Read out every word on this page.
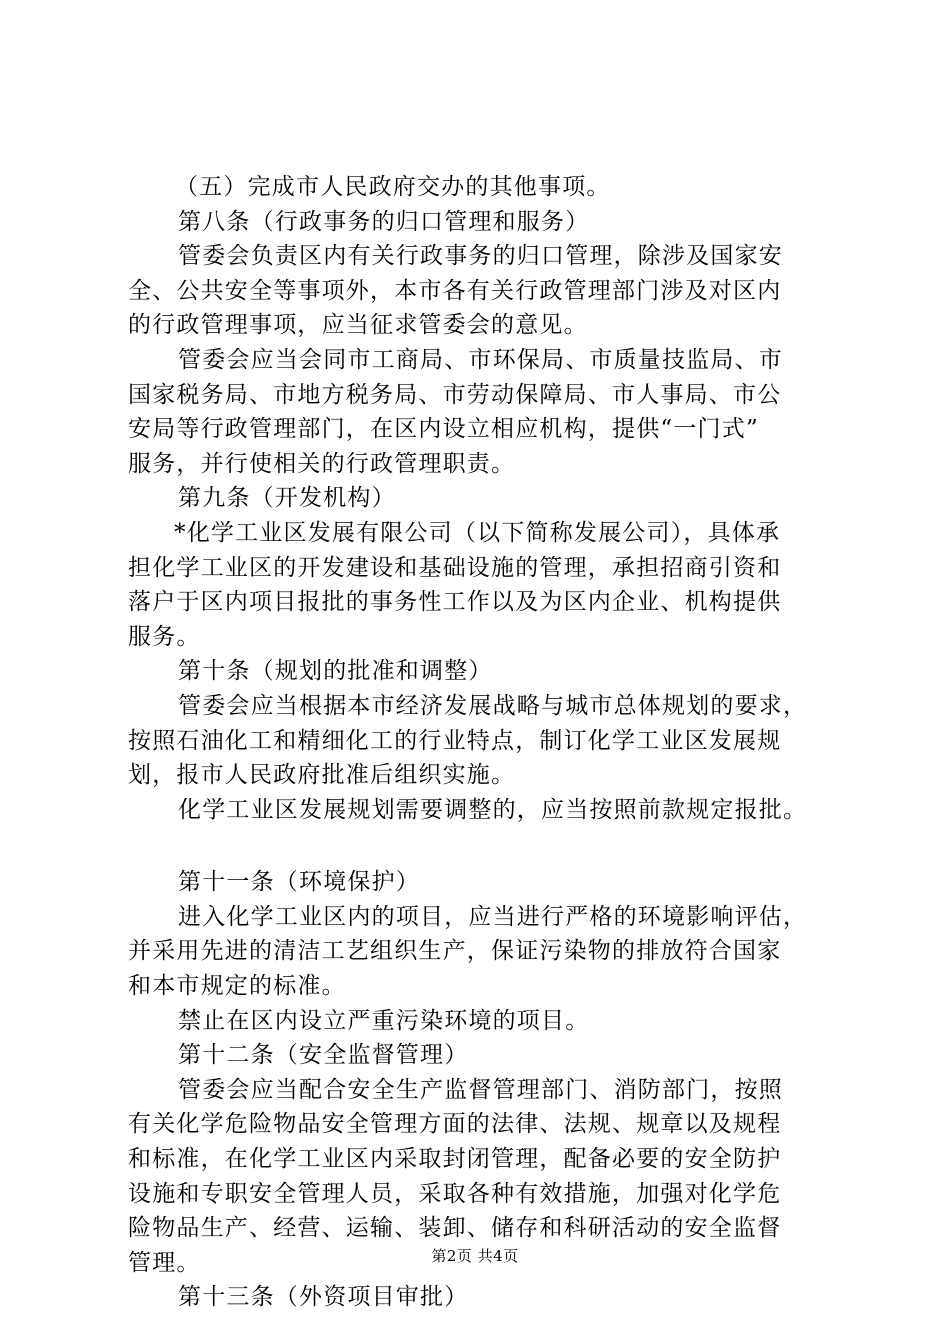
（五）完成市人民政府交办的其他事项。
第八条（行政事务的归口管理和服务）
管委会负责区内有关行政事务的归口管理，除涉及国家安
全、公共安全等事项外，本市各有关行政管理部门涉及对区内
的行政管理事项，应当征求管委会的意见。
管委会应当会同市工商局、市环保局、市质量技监局、市
国家税务局、市地方税务局、市劳动保障局、市人事局、市公
安局等行政管理部门，在区内设立相应机构，提供“一门式”
服务，并行使相关的行政管理职责。
第九条（开发机构）
*化学工业区发展有限公司（以下简称发展公司），具体承
担化学工业区的开发建设和基础设施的管理，承担招商引资和
落户于区内项目报批的事务性工作以及为区内企业、机构提供
服务。
第十条（规划的批准和调整）
管委会应当根据本市经济发展战略与城市总体规划的要求，
按照石油化工和精细化工的行业特点，制订化学工业区发展规
划，报市人民政府批准后组织实施。
化学工业区发展规划需要调整的，应当按照前款规定报批。
第十一条（环境保护）
进入化学工业区内的项目，应当进行严格的环境影响评估，
并采用先进的清洁工艺组织生产，保证污染物的排放符合国家
和本市规定的标准。
禁止在区内设立严重污染环境的项目。
第十二条（安全监督管理）
管委会应当配合安全生产监督管理部门、消防部门，按照
有关化学危险物品安全管理方面的法律、法规、规章以及规程
和标准，在化学工业区内采取封闭管理，配备必要的安全防护
设施和专职安全管理人员，采取各种有效措施，加强对化学危
险物品生产、经营、运输、装卸、储存和科研活动的安全监督
管理。
第十三条（外资项目审批）
第2页 共4页
